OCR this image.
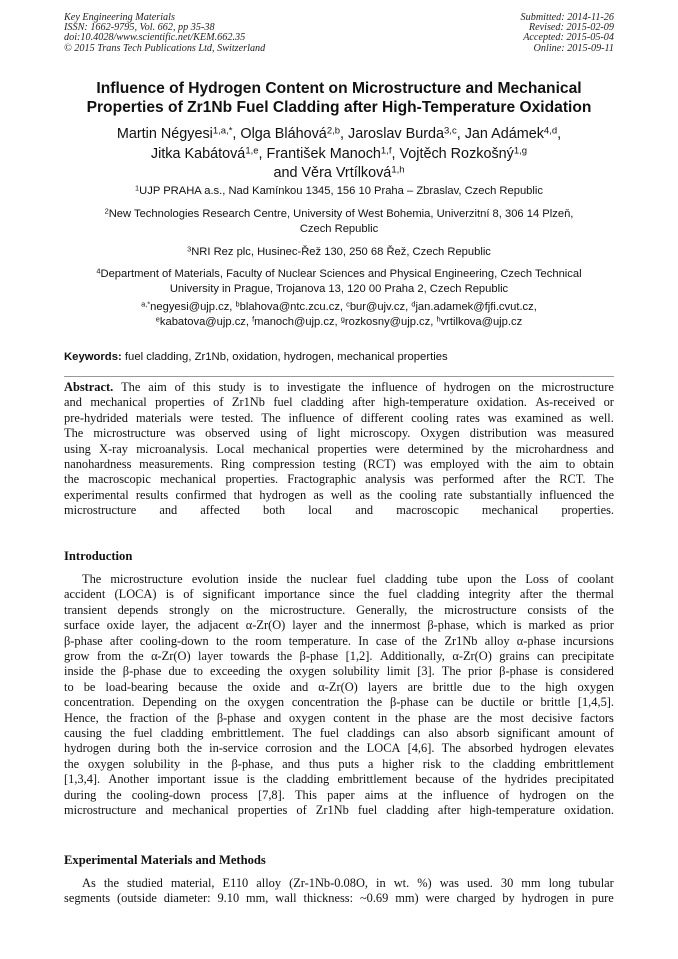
Key Engineering Materials
ISSN: 1662-9795, Vol. 662, pp 35-38
doi:10.4028/www.scientific.net/KEM.662.35
© 2015 Trans Tech Publications Ltd, Switzerland
Submitted: 2014-11-26
Revised: 2015-02-09
Accepted: 2015-05-04
Online: 2015-09-11
Influence of Hydrogen Content on Microstructure and Mechanical
Properties of Zr1Nb Fuel Cladding after High-Temperature Oxidation
Martin Négyesi$^{1,a,*}$, Olga Bláhová$^{2,b}$, Jaroslav Burda$^{3,c}$, Jan Adámek$^{4,d}$,
Jitka Kabátová$^{1,e}$, František Manoch$^{1,f}$, Vojtěch Rozkošný$^{1,g}$
and Věra Vrtílková$^{1,h}$
$^1$UJP PRAHA a.s., Nad Kamínkou 1345, 156 10 Praha – Zbraslav, Czech Republic
$^2$New Technologies Research Centre, University of West Bohemia, Univerzitní 8, 306 14 Plzeň,
Czech Republic
$^3$NRI Rez plc, Husinec-Řež 130, 250 68 Řež, Czech Republic
$^4$Department of Materials, Faculty of Nuclear Sciences and Physical Engineering, Czech Technical
University in Prague, Trojanova 13, 120 00 Praha 2, Czech Republic
$^{a,*}$negyesi@ujp.cz, $^b$blahova@ntc.zcu.cz, $^c$bur@ujv.cz, $^d$jan.adamek@fjfi.cvut.cz,
$^e$kabatova@ujp.cz, $^f$manoch@ujp.cz, $^g$rozkosny@ujp.cz, $^h$vrtilkova@ujp.cz
Keywords: fuel cladding, Zr1Nb, oxidation, hydrogen, mechanical properties
Abstract. The aim of this study is to investigate the influence of hydrogen on the microstructure
and mechanical properties of Zr1Nb fuel cladding after high-temperature oxidation. As-received or
pre-hydrided materials were tested. The influence of different cooling rates was examined as well.
The microstructure was observed using of light microscopy. Oxygen distribution was measured
using X-ray microanalysis. Local mechanical properties were determined by the microhardness and
nanohardness measurements. Ring compression testing (RCT) was employed with the aim to obtain
the macroscopic mechanical properties. Fractographic analysis was performed after the RCT. The
experimental results confirmed that hydrogen as well as the cooling rate substantially influenced the
microstructure and affected both local and macroscopic mechanical properties.
Introduction
The microstructure evolution inside the nuclear fuel cladding tube upon the Loss of coolant
accident (LOCA) is of significant importance since the fuel cladding integrity after the thermal
transient depends strongly on the microstructure. Generally, the microstructure consists of the
surface oxide layer, the adjacent α-Zr(O) layer and the innermost β-phase, which is marked as prior
β-phase after cooling-down to the room temperature. In case of the Zr1Nb alloy α-phase incursions
grow from the α-Zr(O) layer towards the β-phase [1,2]. Additionally, α-Zr(O) grains can precipitate
inside the β-phase due to exceeding the oxygen solubility limit [3]. The prior β-phase is considered
to be load-bearing because the oxide and α-Zr(O) layers are brittle due to the high oxygen
concentration. Depending on the oxygen concentration the β-phase can be ductile or brittle [1,4,5].
Hence, the fraction of the β-phase and oxygen content in the phase are the most decisive factors
causing the fuel cladding embrittlement. The fuel claddings can also absorb significant amount of
hydrogen during both the in-service corrosion and the LOCA [4,6]. The absorbed hydrogen elevates
the oxygen solubility in the β-phase, and thus puts a higher risk to the cladding embrittlement
[1,3,4]. Another important issue is the cladding embrittlement because of the hydrides precipitated
during the cooling-down process [7,8]. This paper aims at the influence of hydrogen on the
microstructure and mechanical properties of Zr1Nb fuel cladding after high-temperature oxidation.
Experimental Materials and Methods
As the studied material, E110 alloy (Zr-1Nb-0.08O, in wt. %) was used. 30 mm long tubular
segments (outside diameter: 9.10 mm, wall thickness: ~0.69 mm) were charged by hydrogen in pure
